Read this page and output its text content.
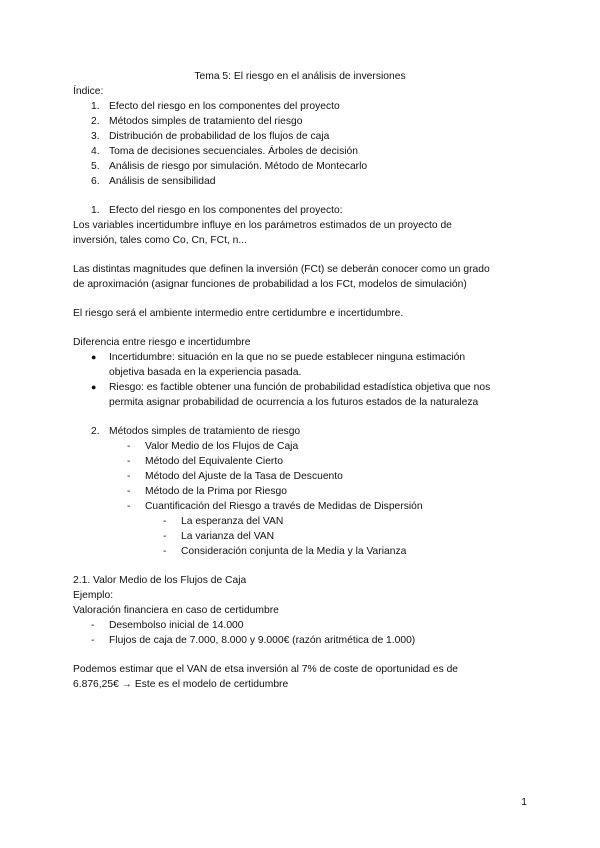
Tema 5: El riesgo en el análisis de inversiones
Índice:
1. Efecto del riesgo en los componentes del proyecto
2. Métodos simples de tratamiento del riesgo
3. Distribución de probabilidad de los flujos de caja
4. Toma de decisiones secuenciales. Árboles de decisión
5. Análisis de riesgo por simulación. Método de Montecarlo
6. Análisis de sensibilidad
1. Efecto del riesgo en los componentes del proyecto:
Los variables incertidumbre influye en los parámetros estimados de un proyecto de
inversión, tales como Co, Cn, FCt, n...
Las distintas magnitudes que definen la inversión (FCt) se deberán conocer como un grado
de aproximación (asignar funciones de probabilidad a los FCt, modelos de simulación)
El riesgo será el ambiente intermedio entre certidumbre e incertidumbre.
Diferencia entre riesgo e incertidumbre
● Incertidumbre: situación en la que no se puede establecer ninguna estimación
objetiva basada en la experiencia pasada.
● Riesgo: es factible obtener una función de probabilidad estadística objetiva que nos
permita asignar probabilidad de ocurrencia a los futuros estados de la naturaleza
2. Métodos simples de tratamiento de riesgo
- Valor Medio de los Flujos de Caja
- Método del Equivalente Cierto
- Método del Ajuste de la Tasa de Descuento
- Método de la Prima por Riesgo
- Cuantificación del Riesgo a través de Medidas de Dispersión
- La esperanza del VAN
- La varianza del VAN
- Consideración conjunta de la Media y la Varianza
2.1. Valor Medio de los Flujos de Caja
Ejemplo:
Valoración financiera en caso de certidumbre
- Desembolso inicial de 14.000
- Flujos de caja de 7.000, 8.000 y 9.000€ (razón aritmética de 1.000)
Podemos estimar que el VAN de etsa inversión al 7% de coste de oportunidad es de
6.876,25€ → Este es el modelo de certidumbre
1
